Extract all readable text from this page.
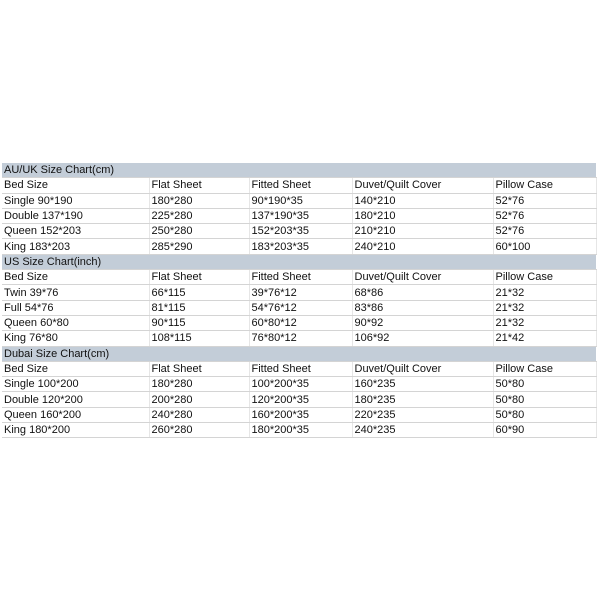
AU/UK Size Chart(cm)				
Bed Size	Flat Sheet	Fitted Sheet	Duvet/Quilt Cover	Pillow Case
Single 90*190	180*280	90*190*35	140*210	52*76
Double 137*190	225*280	137*190*35	180*210	52*76
Queen 152*203	250*280	152*203*35	210*210	52*76
King 183*203	285*290	183*203*35	240*210	60*100
US Size Chart(inch)				
Bed Size	Flat Sheet	Fitted Sheet	Duvet/Quilt Cover	Pillow Case
Twin 39*76	66*115	39*76*12	68*86	21*32
Full 54*76	81*115	54*76*12	83*86	21*32
Queen 60*80	90*115	60*80*12	90*92	21*32
King 76*80	108*115	76*80*12	106*92	21*42
Dubai Size Chart(cm)				
Bed Size	Flat Sheet	Fitted Sheet	Duvet/Quilt Cover	Pillow Case
Single 100*200	180*280	100*200*35	160*235	50*80
Double 120*200	200*280	120*200*35	180*235	50*80
Queen 160*200	240*280	160*200*35	220*235	50*80
King 180*200	260*280	180*200*35	240*235	60*90
